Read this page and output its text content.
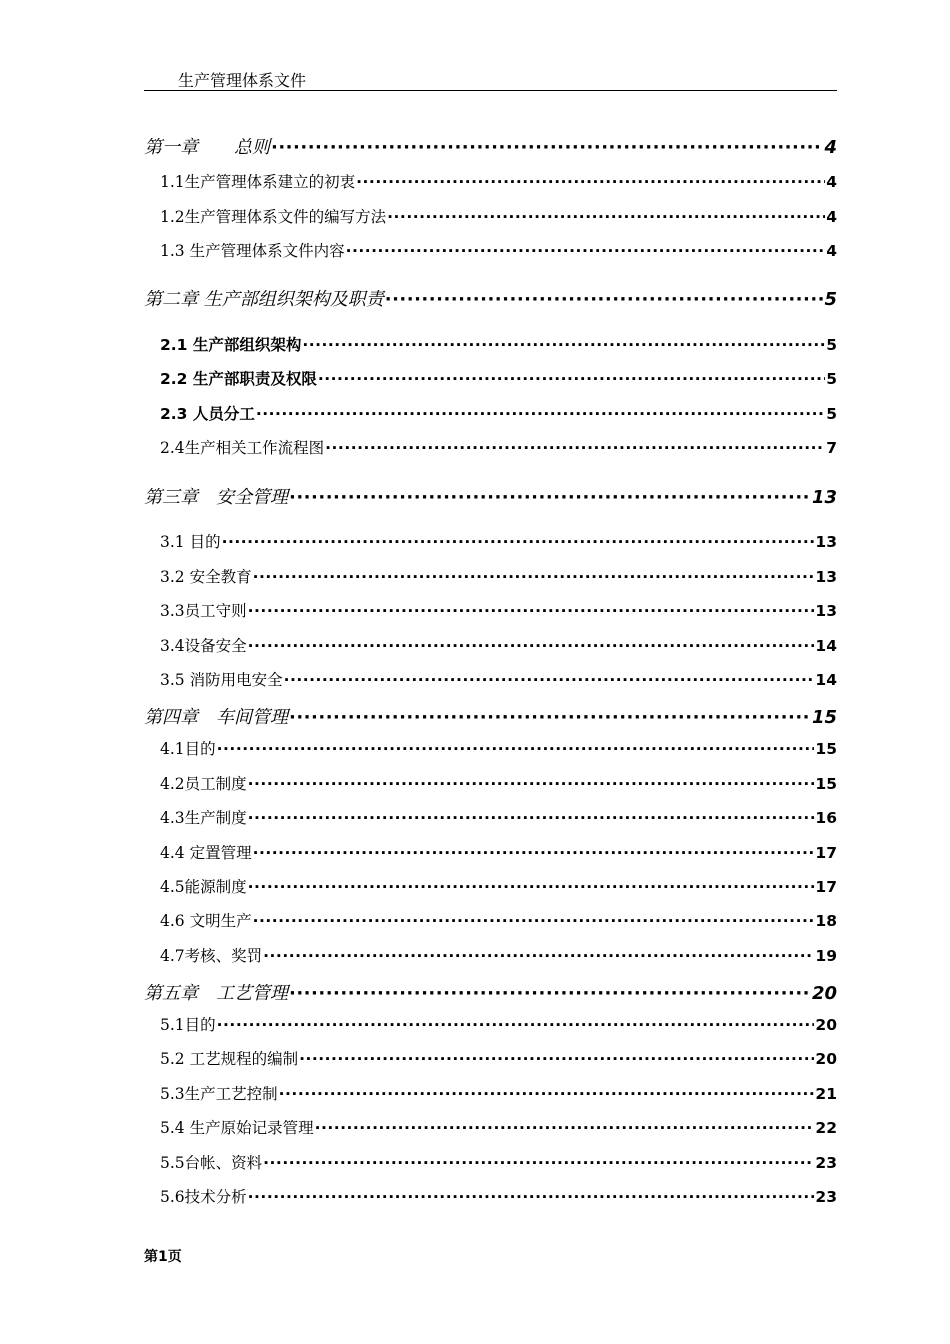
生产管理体系文件
第一章　　总则 ·····	4
1.1生产管理体系建立的初衷 ·····	4
1.2生产管理体系文件的编写方法 ·····	4
1.3 生产管理体系文件内容 ·····	4
第二章 生产部组织架构及职责 ·····	5
2.1 生产部组织架构 ·····	5
2.2 生产部职责及权限 ·····	5
2.3 人员分工 ·····	5
2.4生产相关工作流程图 ·····	7
第三章　安全管理 ·····	13
3.1 目的 ·····	13
3.2 安全教育 ·····	13
3.3员工守则 ·····	13
3.4设备安全 ·····	14
3.5 消防用电安全 ·····	14
第四章　车间管理 ·····	15
4.1目的 ·····	15
4.2员工制度 ·····	15
4.3生产制度 ·····	16
4.4 定置管理 ·····	17
4.5能源制度 ·····	17
4.6 文明生产 ·····	18
4.7考核、奖罚 ·····	19
第五章　工艺管理 ·····	20
5.1目的 ·····	20
5.2 工艺规程的编制 ·····	20
5.3生产工艺控制 ·····	21
5.4 生产原始记录管理 ·····	22
5.5台帐、资料 ·····	23
5.6技术分析 ·····	23
第1页
